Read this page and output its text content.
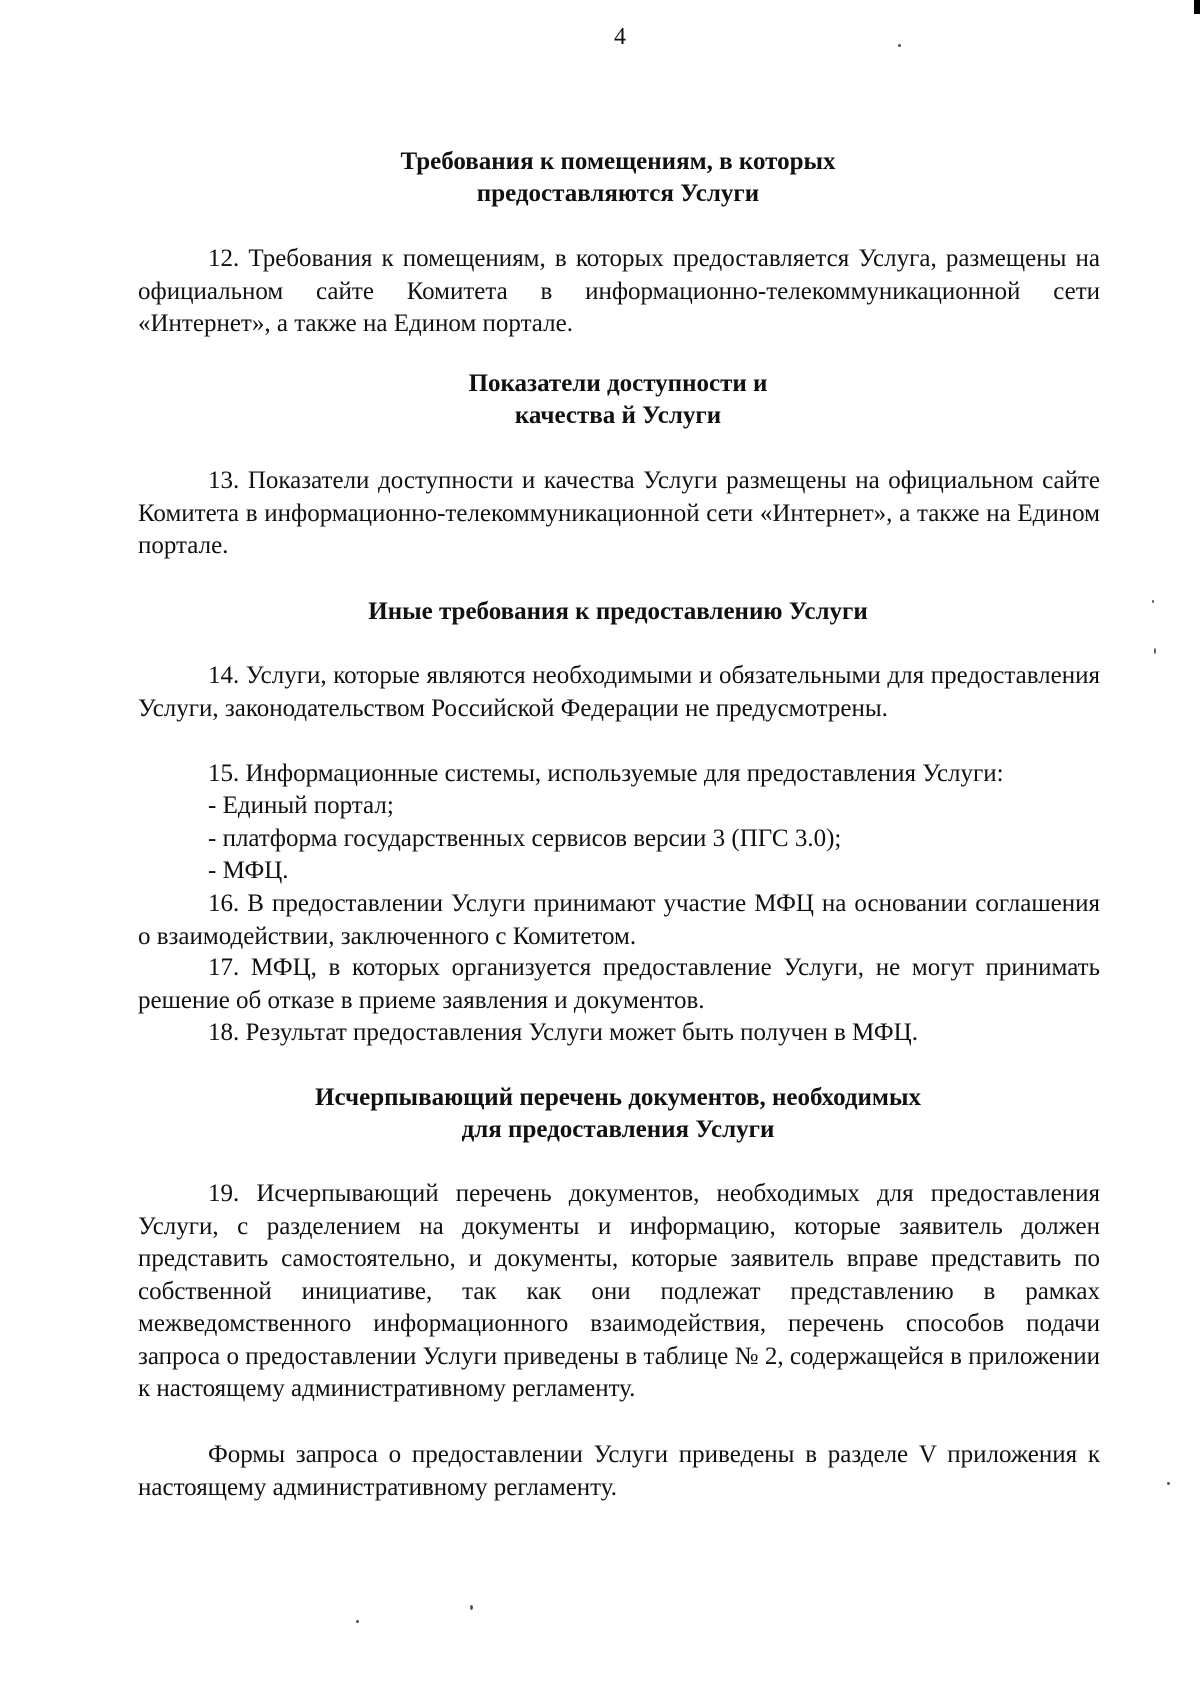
4
Требования к помещениям, в которых
предоставляются Услуги

12. Требования к помещениям, в которых предоставляется Услуга, размещены на официальном сайте Комитета в информационно-телекоммуникационной сети «Интернет», а также на Едином портале.

Показатели доступности и
качества й Услуги

13. Показатели доступности и качества Услуги размещены на официальном сайте Комитета в информационно-телекоммуникационной сети «Интернет», а также на Едином портале.

Иные требования к предоставлению Услуги

14. Услуги, которые являются необходимыми и обязательными для предоставления Услуги, законодательством Российской Федерации не предусмотрены.

15. Информационные системы, используемые для предоставления Услуги:

- Единый портал;

- платформа государственных сервисов версии 3 (ПГС 3.0);

- МФЦ.

16. В предоставлении Услуги принимают участие МФЦ на основании соглашения о взаимодействии, заключенного с Комитетом.

17. МФЦ, в которых организуется предоставление Услуги, не могут принимать решение об отказе в приеме заявления и документов.

18. Результат предоставления Услуги может быть получен в МФЦ.

Исчерпывающий перечень документов, необходимых
для предоставления Услуги

19. Исчерпывающий перечень документов, необходимых для предоставления Услуги, с разделением на документы и информацию, которые заявитель должен представить самостоятельно, и документы, которые заявитель вправе представить по собственной инициативе, так как они подлежат представлению в рамках межведомственного информационного взаимодействия, перечень способов подачи запроса о предоставлении Услуги приведены в таблице № 2, содержащейся в приложении к настоящему административному регламенту.

Формы запроса о предоставлении Услуги приведены в разделе V приложения к настоящему административному регламенту.
